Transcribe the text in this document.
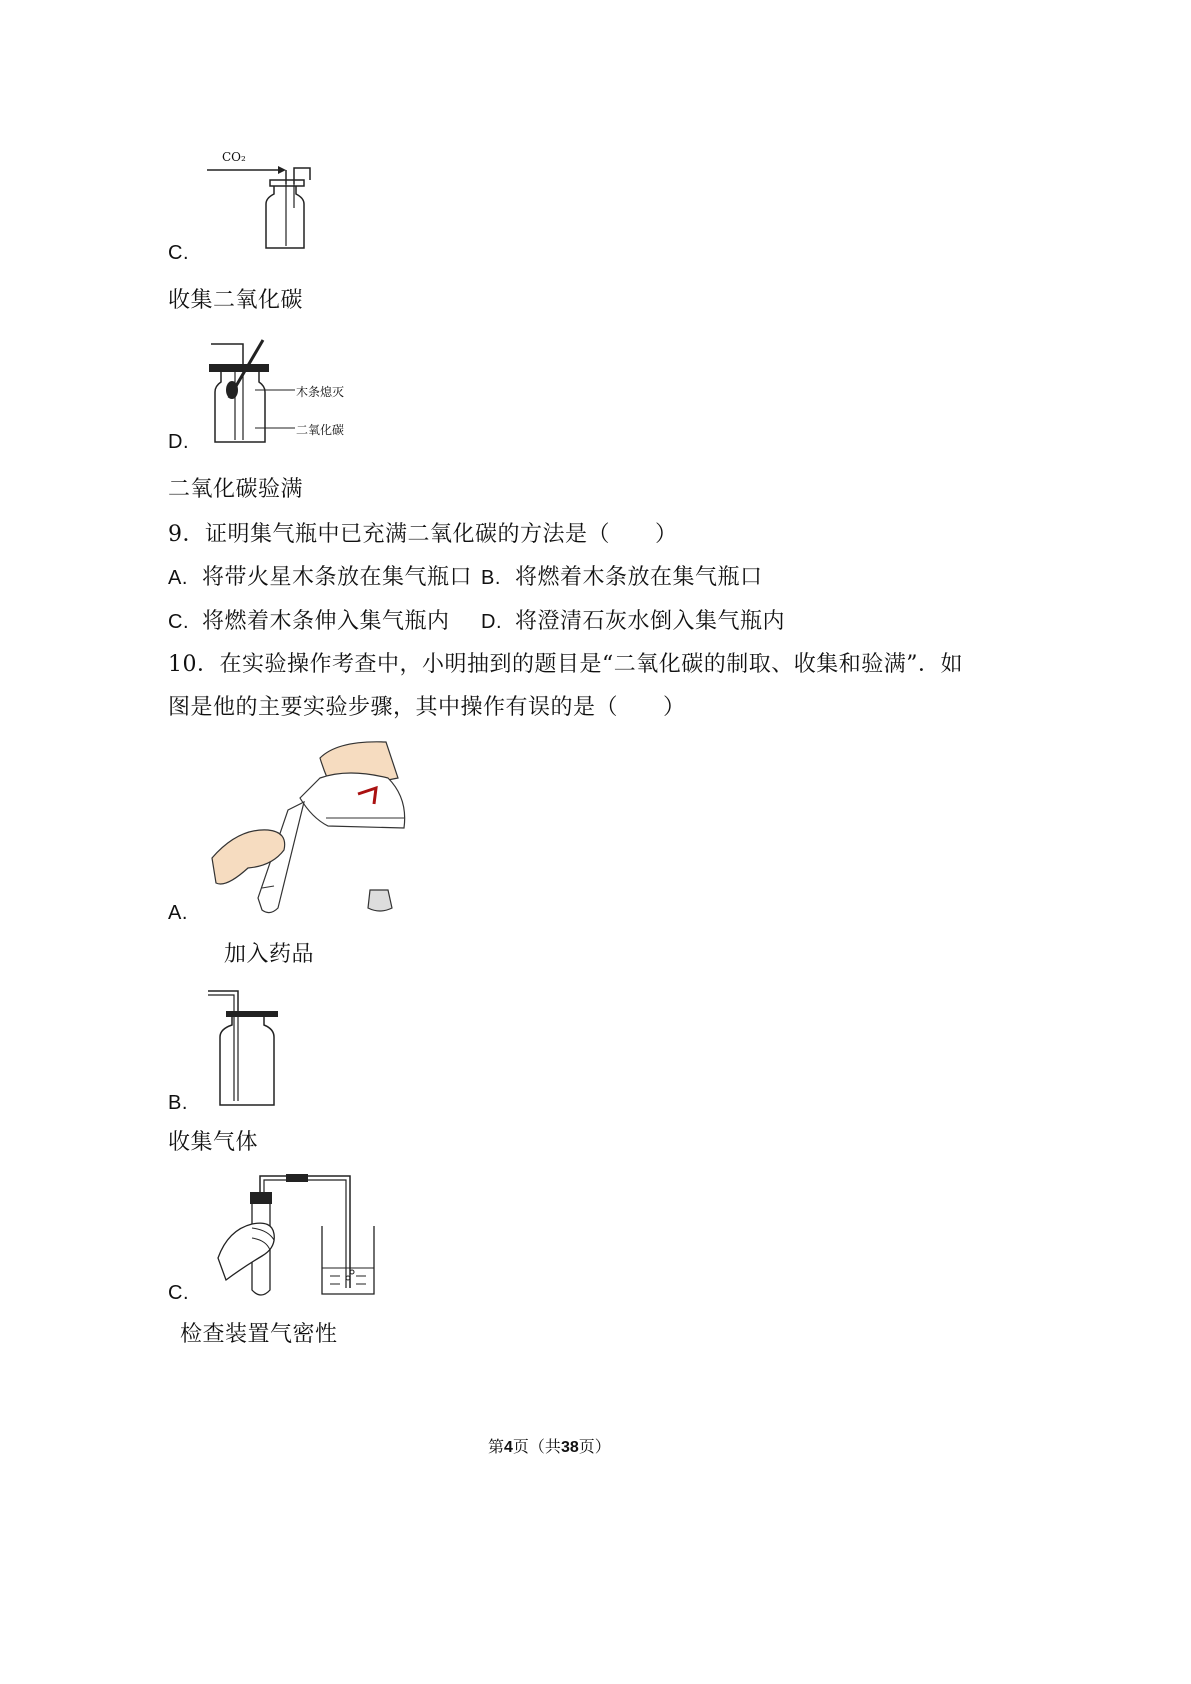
CO₂
C.
收集二氧化碳
木条熄灭
二氧化碳
D.
二氧化碳验满
9．证明集气瓶中已充满二氧化碳的方法是（　　）
A. 将带火星木条放在集气瓶口 B. 将燃着木条放在集气瓶口
C. 将燃着木条伸入集气瓶内 D. 将澄清石灰水倒入集气瓶内
10．在实验操作考查中，小明抽到的题目是“二氧化碳的制取、收集和验满”．如
图是他的主要实验步骤，其中操作有误的是（　　）
A.
加入药品
B.
收集气体
C.
检查装置气密性
第4页（共38页）
